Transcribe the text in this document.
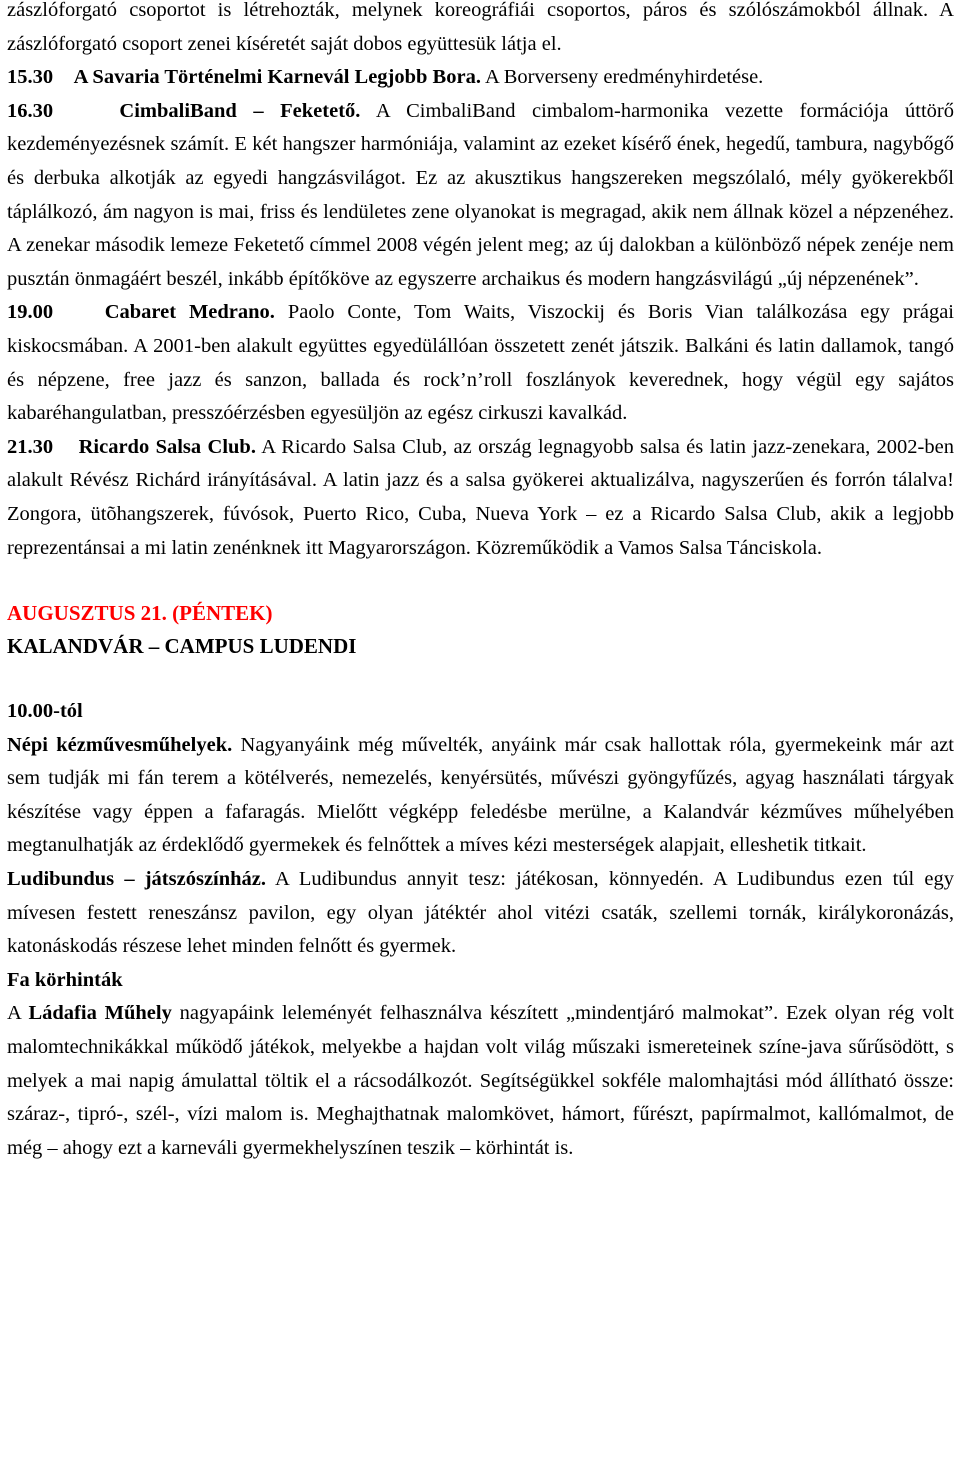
zászlóforgató csoportot is létrehozták, melynek koreográfiái csoportos, páros és szólószámokból állnak. A zászlóforgató csoport zenei kíséretét saját dobos együttesük látja el.

15.30 A Savaria Történelmi Karnevál Legjobb Bora. A Borverseny eredményhirdetése.

16.30	CimbaliBand – Feketető. A CimbaliBand cimbalom-harmonika vezette formációja úttörő kezdeményezésnek számít. E két hangszer harmóniája, valamint az ezeket kísérő ének, hegedű, tambura, nagybőgő és derbuka alkotják az egyedi hangzásvilágot. Ez az akusztikus hangszereken megszólaló, mély gyökerekből táplálkozó, ám nagyon is mai, friss és lendületes zene olyanokat is megragad, akik nem állnak közel a népzenéhez. A zenekar második lemeze Feketető címmel 2008 végén jelent meg; az új dalokban a különböző népek zenéje nem pusztán önmagáért beszél, inkább építőköve az egyszerre archaikus és modern hangzásvilágú „új népzenének”.

19.00	Cabaret Medrano. Paolo Conte, Tom Waits, Viszockij és Boris Vian találkozása egy prágai kiskocsmában. A 2001-ben alakult együttes egyedülállóan összetett zenét játszik. Balkáni és latin dallamok, tangó és népzene, free jazz és sanzon, ballada és rock’n’roll foszlányok keverednek, hogy végül egy sajátos kabaréhangulatban, presszóérzésben egyesüljön az egész cirkuszi kavalkád.

21.30 Ricardo Salsa Club. A Ricardo Salsa Club, az ország legnagyobb salsa és latin jazz-zenekara, 2002-ben alakult Révész Richárd irányításával. A latin jazz és a salsa gyökerei aktualizálva, nagyszerűen és forrón tálalva! Zongora, ütõhangszerek, fúvósok, Puerto Rico, Cuba, Nueva York – ez a Ricardo Salsa Club, akik a legjobb reprezentánsai a mi latin zenénknek itt Magyarországon. Közreműködik a Vamos Salsa Tánciskola.

AUGUSZTUS 21. (PÉNTEK)
KALANDVÁR – CAMPUS LUDENDI

10.00-tól

Népi kézművesműhelyek. Nagyanyáink még művelték, anyáink már csak hallottak róla, gyermekeink már azt sem tudják mi fán terem a kötélverés, nemezelés, kenyérsütés, művészi gyöngyfűzés, agyag használati tárgyak készítése vagy éppen a fafaragás. Mielőtt végképp feledésbe merülne, a Kalandvár kézműves műhelyében megtanulhatják az érdeklődő gyermekek és felnőttek a míves kézi mesterségek alapjait, elleshetik titkait.

Ludibundus – játszószínház. A Ludibundus annyit tesz: játékosan, könnyedén. A Ludibundus ezen túl egy mívesen festett reneszánsz pavilon, egy olyan játéktér ahol vitézi csaták, szellemi tornák, királykoronázás, katonáskodás részese lehet minden felnőtt és gyermek.

Fa körhinták

A Ládafia Műhely nagyapáink leleményét felhasználva készített „mindentjáró malmokat”. Ezek olyan rég volt malomtechnikákkal működő játékok, melyekbe a hajdan volt világ műszaki ismereteinek színe-java sűrűsödött, s melyek a mai napig ámulattal töltik el a rácsodálkozót. Segítségükkel sokféle malomhajtási mód állítható össze: száraz-, tipró-, szél-, vízi malom is. Meghajthatnak malomkövet, hámort, fűrészt, papírmalmot, kallómalmot, de még – ahogy ezt a karneváli gyermekhelyszínen teszik – körhintát is.
